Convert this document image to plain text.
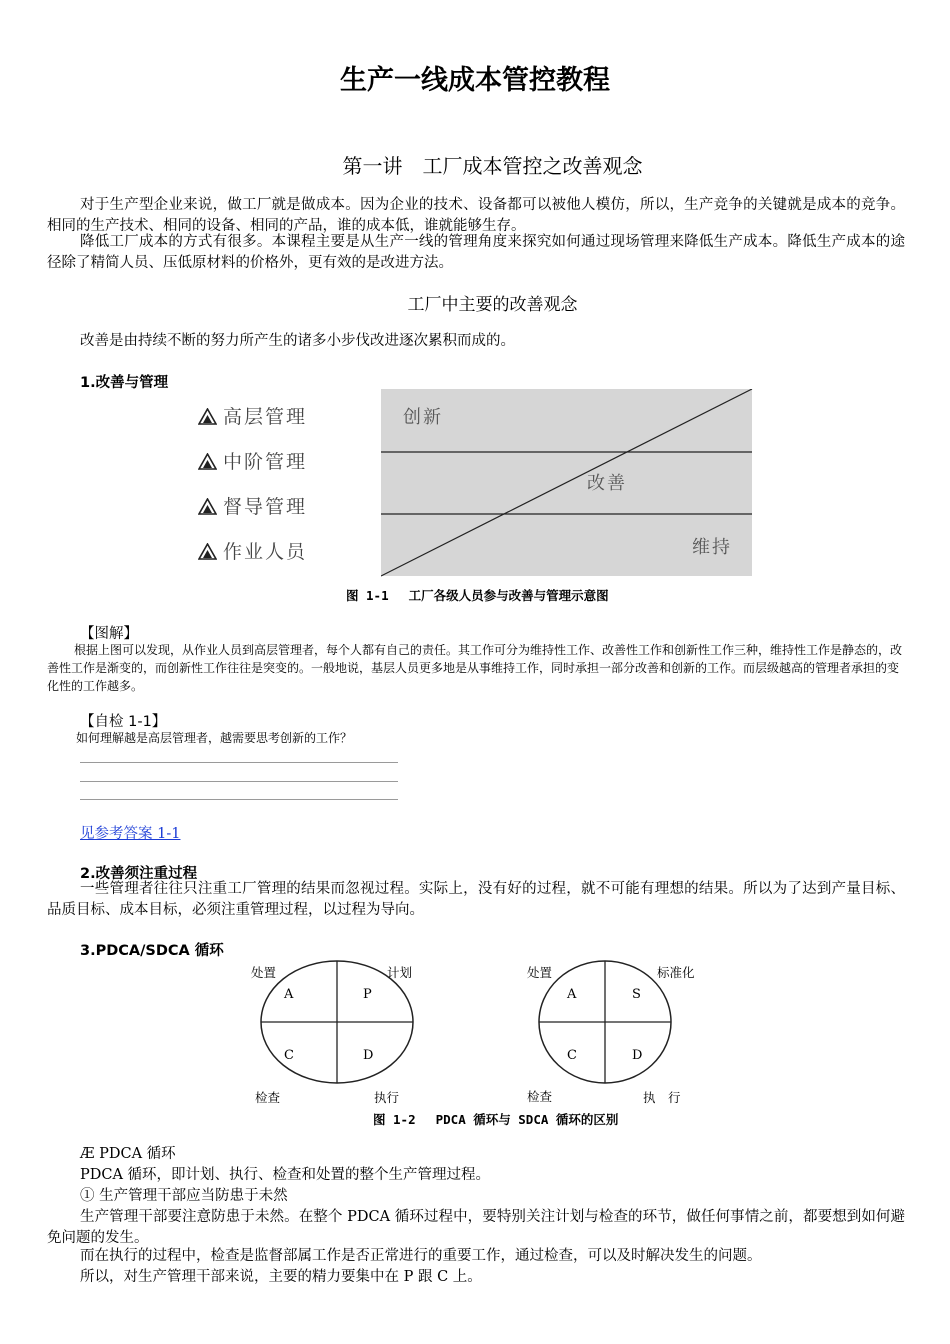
生产一线成本管控教程
第一讲　工厂成本管控之改善观念
对于生产型企业来说，做工厂就是做成本。因为企业的技术、设备都可以被他人模仿，所以，生产竞争的关键就是成本的竞争。相同的生产技术、相同的设备、相同的产品，谁的成本低，谁就能够生存。
降低工厂成本的方式有很多。本课程主要是从生产一线的管理角度来探究如何通过现场管理来降低生产成本。降低生产成本的途径除了精简人员、压低原材料的价格外，更有效的是改进方法。
工厂中主要的改善观念
改善是由持续不断的努力所产生的诸多小步伐改进逐次累积而成的。
1.改善与管理
高层管理
中阶管理
督导管理
作业人员
创新
改善
维持
图 1-1　 工厂各级人员参与改善与管理示意图
【图解】
根据上图可以发现，从作业人员到高层管理者，每个人都有自己的责任。其工作可分为维持性工作、改善性工作和创新性工作三种，维持性工作是静态的，改善性工作是渐变的，而创新性工作往往是突变的。一般地说，基层人员更多地是从事维持工作，同时承担一部分改善和创新的工作。而层级越高的管理者承担的变化性的工作越多。
【自检 1-1】
如何理解越是高层管理者，越需要思考创新的工作？
见参考答案 1-1
2.改善须注重过程
一些管理者往往只注重工厂管理的结果而忽视过程。实际上，没有好的过程，就不可能有理想的结果。所以为了达到产量目标、品质目标、成本目标，必须注重管理过程，以过程为导向。
3.PDCA/SDCA 循环
处置	计划
检查	执行
A	P
C	D
处置	标准化
检查	执　行
A	S
C	D
图 1-2　 PDCA 循环与 SDCA 循环的区别
Æ PDCA 循环
PDCA 循环，即计划、执行、检查和处置的整个生产管理过程。
① 生产管理干部应当防患于未然
生产管理干部要注意防患于未然。在整个 PDCA 循环过程中，要特别关注计划与检查的环节，做任何事情之前，都要想到如何避免问题的发生。
而在执行的过程中，检查是监督部属工作是否正常进行的重要工作，通过检查，可以及时解决发生的问题。
所以，对生产管理干部来说，主要的精力要集中在 P 跟 C 上。
